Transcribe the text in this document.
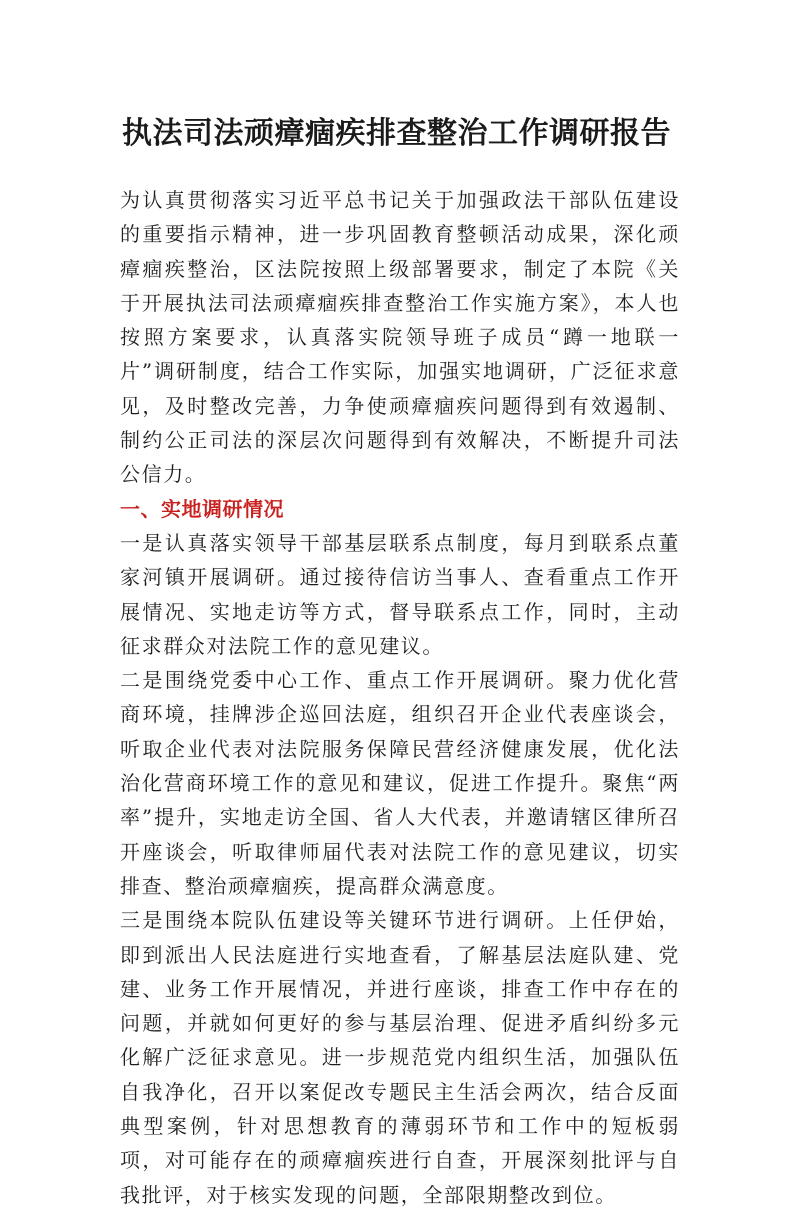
执法司法顽瘴痼疾排查整治工作调研报告

为认真贯彻落实习近平总书记关于加强政法干部队伍建设的重要指示精神，进一步巩固教育整顿活动成果，深化顽瘴痼疾整治，区法院按照上级部署要求，制定了本院《关于开展执法司法顽瘴痼疾排查整治工作实施方案》，本人也按照方案要求，认真落实院领导班子成员“蹲一地联一片”调研制度，结合工作实际，加强实地调研，广泛征求意见，及时整改完善，力争使顽瘴痼疾问题得到有效遏制、制约公正司法的深层次问题得到有效解决，不断提升司法公信力。

一、实地调研情况

一是认真落实领导干部基层联系点制度，每月到联系点董家河镇开展调研。通过接待信访当事人、查看重点工作开展情况、实地走访等方式，督导联系点工作，同时，主动征求群众对法院工作的意见建议。

二是围绕党委中心工作、重点工作开展调研。聚力优化营商环境，挂牌涉企巡回法庭，组织召开企业代表座谈会，听取企业代表对法院服务保障民营经济健康发展，优化法治化营商环境工作的意见和建议，促进工作提升。聚焦“两率”提升，实地走访全国、省人大代表，并邀请辖区律所召开座谈会，听取律师届代表对法院工作的意见建议，切实排查、整治顽瘴痼疾，提高群众满意度。

三是围绕本院队伍建设等关键环节进行调研。上任伊始，即到派出人民法庭进行实地查看，了解基层法庭队建、党建、业务工作开展情况，并进行座谈，排查工作中存在的问题，并就如何更好的参与基层治理、促进矛盾纠纷多元化解广泛征求意见。进一步规范党内组织生活，加强队伍自我净化，召开以案促改专题民主生活会两次，结合反面典型案例，针对思想教育的薄弱环节和工作中的短板弱项，对可能存在的顽瘴痼疾进行自查，开展深刻批评与自我批评，对于核实发现的问题，全部限期整改到位。
